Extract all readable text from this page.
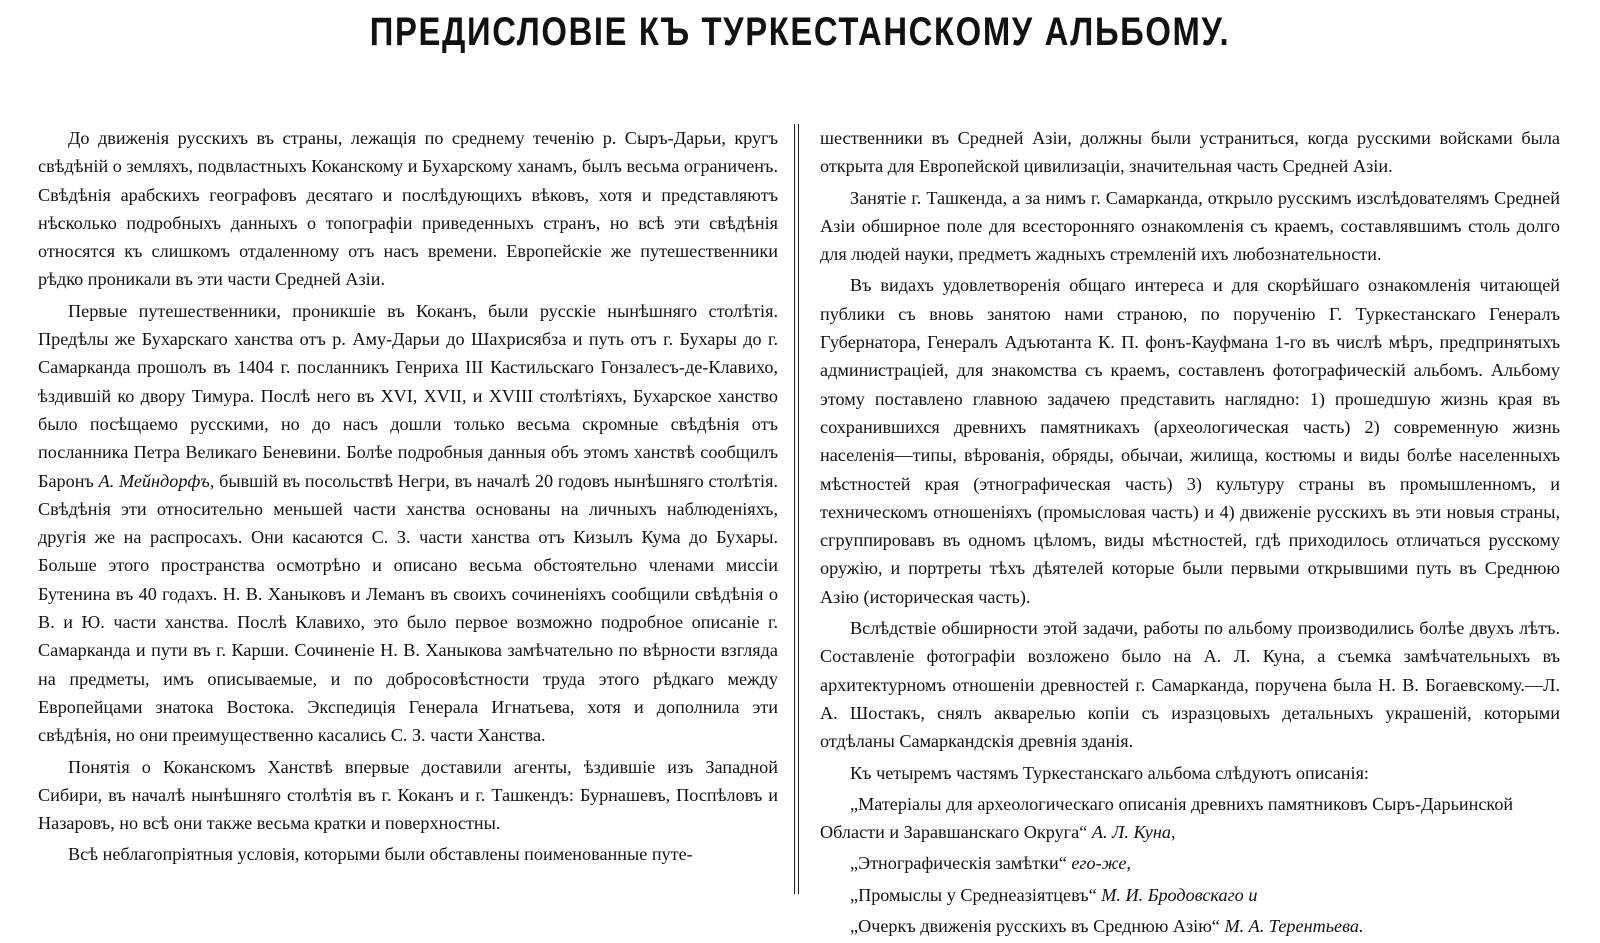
ПРЕДИСЛОВІЕ КЪ ТУРКЕСТАНСКОМУ АЛЬБОМУ.

До движенія русскихъ въ страны, лежащія по среднему теченію р. Сыръ-Дарьи, кругъ свѣдѣній о земляхъ, подвластныхъ Коканскому и Бухарскому ханамъ, былъ весьма ограниченъ. Свѣдѣнія арабскихъ географовъ десятаго и послѣдующихъ вѣковъ, хотя и представляютъ нѣсколько подробныхъ данныхъ о топографіи приведенныхъ странъ, но всѣ эти свѣдѣнія относятся къ слишкомъ отдаленному отъ насъ времени. Европейскіе же путешественники рѣдко проникали въ эти части Средней Азіи.

Первые путешественники, проникшіе въ Коканъ, были русскіе нынѣшняго столѣтія. Предѣлы же Бухарскаго ханства отъ р. Аму-Дарьи до Шахрисябза и путь отъ г. Бухары до г. Самарканда прошолъ въ 1404 г. посланникъ Генриха III Кастильскаго Гонзалесъ-де-Клавихо, ѣздившій ко двору Тимура. Послѣ него въ XVI, XVII, и XVIII столѣтіяхъ, Бухарское ханство было посѣщаемо русскими, но до насъ дошли только весьма скромные свѣдѣнія отъ посланника Петра Великаго Беневини. Болѣе подробныя данныя объ этомъ ханствѣ сообщилъ Баронъ А. Мейндорфъ, бывшій въ посольствѣ Негри, въ началѣ 20 годовъ нынѣшняго столѣтія. Свѣдѣнія эти относительно меньшей части ханства основаны на личныхъ наблюденіяхъ, другія же на распросахъ. Они касаются С. З. части ханства отъ Кизылъ Кума до Бухары. Больше этого пространства осмотрѣно и описано весьма обстоятельно членами миссіи Бутенина въ 40 годахъ. Н. В. Ханыковъ и Леманъ въ своихъ сочиненіяхъ сообщили свѣдѣнія о В. и Ю. части ханства. Послѣ Клавихо, это было первое возможно подробное описаніе г. Самарканда и пути въ г. Карши. Сочиненіе Н. В. Ханыкова замѣчательно по вѣрности взгляда на предметы, имъ описываемые, и по добросовѣстности труда этого рѣдкаго между Европейцами знатока Востока. Экспедиція Генерала Игнатьева, хотя и дополнила эти свѣдѣнія, но они преимущественно касались С. З. части Ханства.

Понятія о Коканскомъ Ханствѣ впервые доставили агенты, ѣздившіе изъ Западной Сибири, въ началѣ нынѣшняго столѣтія въ г. Коканъ и г. Ташкендъ: Бурнашевъ, Поспѣловъ и Назаровъ, но всѣ они также весьма кратки и поверхностны.

Всѣ неблагопріятныя условія, которыми были обставлены поименованные путе-

шественники въ Средней Азіи, должны были устраниться, когда русскими войсками была открыта для Европейской цивилизаціи, значительная часть Средней Азіи.

Занятіе г. Ташкенда, а за нимъ г. Самарканда, открыло русскимъ изслѣдователямъ Средней Азіи обширное поле для всесторонняго ознакомленія съ краемъ, составлявшимъ столь долго для людей науки, предметъ жадныхъ стремленій ихъ любознательности.

Въ видахъ удовлетворенія общаго интереса и для скорѣйшаго ознакомленія читающей публики съ вновь занятою нами страною, по порученію Г. Туркестанскаго Генералъ Губернатора, Генералъ Адъютанта К. П. фонъ-Кауфмана 1-го въ числѣ мѣръ, предпринятыхъ администраціей, для знакомства съ краемъ, составленъ фотографическій альбомъ. Альбому этому поставлено главною задачею представить наглядно: 1) прошедшую жизнь края въ сохранившихся древнихъ памятникахъ (археологическая часть) 2) современную жизнь населенія—типы, вѣрованія, обряды, обычаи, жилища, костюмы и виды болѣе населенныхъ мѣстностей края (этнографическая часть) 3) культуру страны въ промышленномъ, и техническомъ отношеніяхъ (промысловая часть) и 4) движеніе русскихъ въ эти новыя страны, сгруппировавъ въ одномъ цѣломъ, виды мѣстностей, гдѣ приходилось отличаться русскому оружію, и портреты тѣхъ дѣятелей которые были первыми открывшими путь въ Среднюю Азію (историческая часть).

Вслѣдствіе обширности этой задачи, работы по альбому производились болѣе двухъ лѣтъ. Составленіе фотографіи возложено было на А. Л. Куна, а съемка замѣчательныхъ въ архитектурномъ отношеніи древностей г. Самарканда, поручена была Н. В. Богаевскому.—Л. А. Шостакъ, снялъ акварелью копіи съ изразцовыхъ детальныхъ украшеній, которыми отдѣланы Самаркандскія древнія зданія.

Къ четыремъ частямъ Туркестанскаго альбома слѣдуютъ описанія:

„Матеріалы для археологическаго описанія древнихъ памятниковъ Сыръ-Дарьинской Области и Заравшанскаго Округа“ А. Л. Куна,

„Этнографическія замѣтки“ его-же,

„Промыслы у Среднеазіятцевъ“ М. И. Бродовскаго и

„Очеркъ движенія русскихъ въ Среднюю Азію“ М. А. Терентьева.
